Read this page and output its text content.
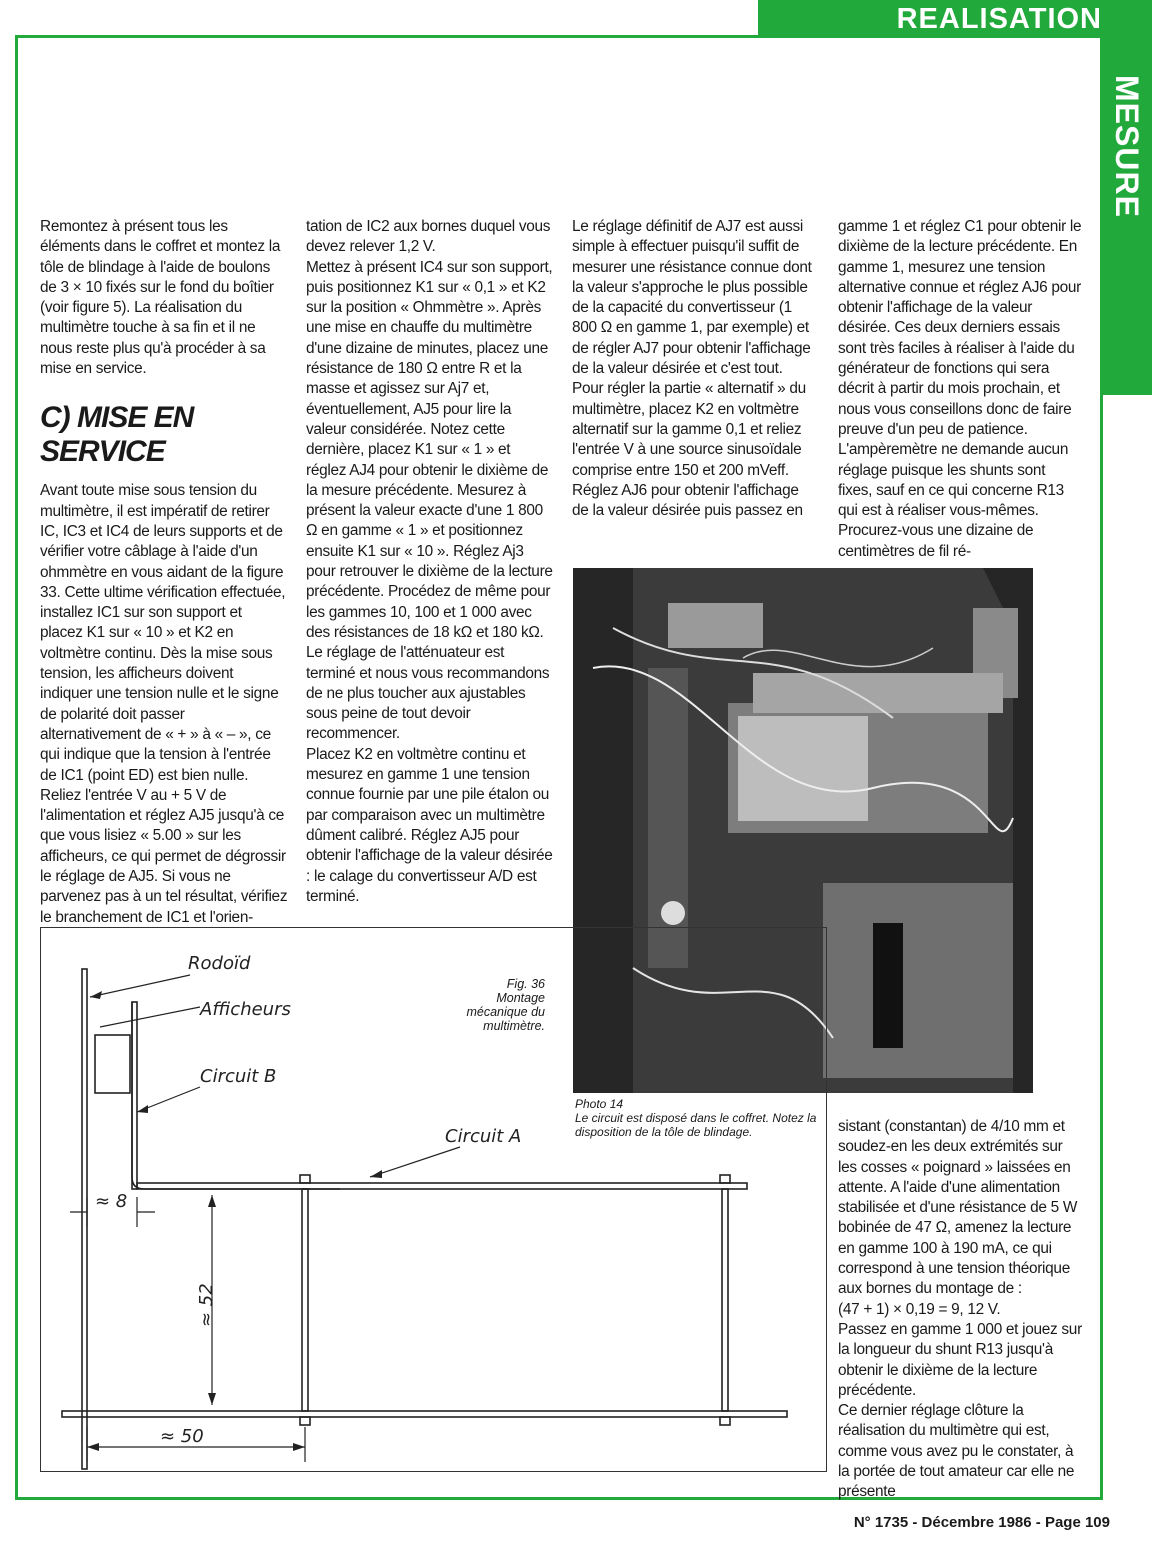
REALISATION
MESURE

Remontez à présent tous les éléments dans le coffret et montez la tôle de blindage à l'aide de boulons de 3 × 10 fixés sur le fond du boîtier (voir figure 5). La réalisation du multimètre touche à sa fin et il ne nous reste plus qu'à procéder à sa mise en service.

C) MISE EN SERVICE

Avant toute mise sous tension du multimètre, il est impératif de retirer IC, IC3 et IC4 de leurs supports et de vérifier votre câblage à l'aide d'un ohmmètre en vous aidant de la figure 33. Cette ultime vérification effectuée, installez IC1 sur son support et placez K1 sur « 10 » et K2 en voltmètre continu. Dès la mise sous tension, les afficheurs doivent indiquer une tension nulle et le signe de polarité doit passer alternativement de « + » à « – », ce qui indique que la tension à l'entrée de IC1 (point ED) est bien nulle. Reliez l'entrée V au + 5 V de l'alimentation et réglez AJ5 jusqu'à ce que vous lisiez « 5.00 » sur les afficheurs, ce qui permet de dégrossir le réglage de AJ5. Si vous ne parvenez pas à un tel résultat, vérifiez le branchement de IC1 et l'orien-

tation de IC2 aux bornes duquel vous devez relever 1,2 V.

Mettez à présent IC4 sur son support, puis positionnez K1 sur « 0,1 » et K2 sur la position « Ohmmètre ». Après une mise en chauffe du multimètre d'une dizaine de minutes, placez une résistance de 180 Ω entre R et la masse et agissez sur Aj7 et, éventuellement, AJ5 pour lire la valeur considérée. Notez cette dernière, placez K1 sur « 1 » et réglez AJ4 pour obtenir le dixième de la mesure précédente. Mesurez à présent la valeur exacte d'une 1 800 Ω en gamme « 1 » et positionnez ensuite K1 sur « 10 ». Réglez Aj3 pour retrouver le dixième de la lecture précédente. Procédez de même pour les gammes 10, 100 et 1 000 avec des résistances de 18 kΩ et 180 kΩ. Le réglage de l'atténuateur est terminé et nous vous recommandons de ne plus toucher aux ajustables sous peine de tout devoir recommencer.

Placez K2 en voltmètre continu et mesurez en gamme 1 une tension connue fournie par une pile étalon ou par comparaison avec un multimètre dûment calibré. Réglez AJ5 pour obtenir l'affichage de la valeur désirée : le calage du convertisseur A/D est terminé.

Le réglage définitif de AJ7 est aussi simple à effectuer puisqu'il suffit de mesurer une résistance connue dont la valeur s'approche le plus possible de la capacité du convertisseur (1 800 Ω en gamme 1, par exemple) et de régler AJ7 pour obtenir l'affichage de la valeur désirée et c'est tout.

Pour régler la partie « alternatif » du multimètre, placez K2 en voltmètre alternatif sur la gamme 0,1 et reliez l'entrée V à une source sinusoïdale comprise entre 150 et 200 mVeff. Réglez AJ6 pour obtenir l'affichage de la valeur désirée puis passez en

gamme 1 et réglez C1 pour obtenir le dixième de la lecture précédente. En gamme 1, mesurez une tension alternative connue et réglez AJ6 pour obtenir l'affichage de la valeur désirée. Ces deux derniers essais sont très faciles à réaliser à l'aide du générateur de fonctions qui sera décrit à partir du mois prochain, et nous vous conseillons donc de faire preuve d'un peu de patience.

L'ampèremètre ne demande aucun réglage puisque les shunts sont fixes, sauf en ce qui concerne R13 qui est à réaliser vous-mêmes. Procurez-vous une dizaine de centimètres de fil ré-

Photo 14
Le circuit est disposé dans le coffret. Notez la disposition de la tôle de blindage.	sistant (constantan) de 4/10 mm et soudez-en les deux extrémités sur les cosses « poignard » laissées en attente. A l'aide d'une alimentation stabilisée et d'une résistance de 5 W bobinée de 47 Ω, amenez la lecture en gamme 100 à 190 mA, ce qui correspond à une tension théorique aux bornes du montage de :

(47 + 1) × 0,19 = 9, 12 V.

Passez en gamme 1 000 et jouez sur la longueur du shunt R13 jusqu'à obtenir le dixième de la lecture précédente.

Ce dernier réglage clôture la réalisation du multimètre qui est, comme vous avez pu le constater, à la portée de tout amateur car elle ne présente

Rodoïd
Afficheurs
Circuit B
Circuit A
≈ 8
≈ 52
≈ 50
Fig. 36
Montage mécanique du multimètre.
N° 1735 - Décembre 1986 - Page 109
